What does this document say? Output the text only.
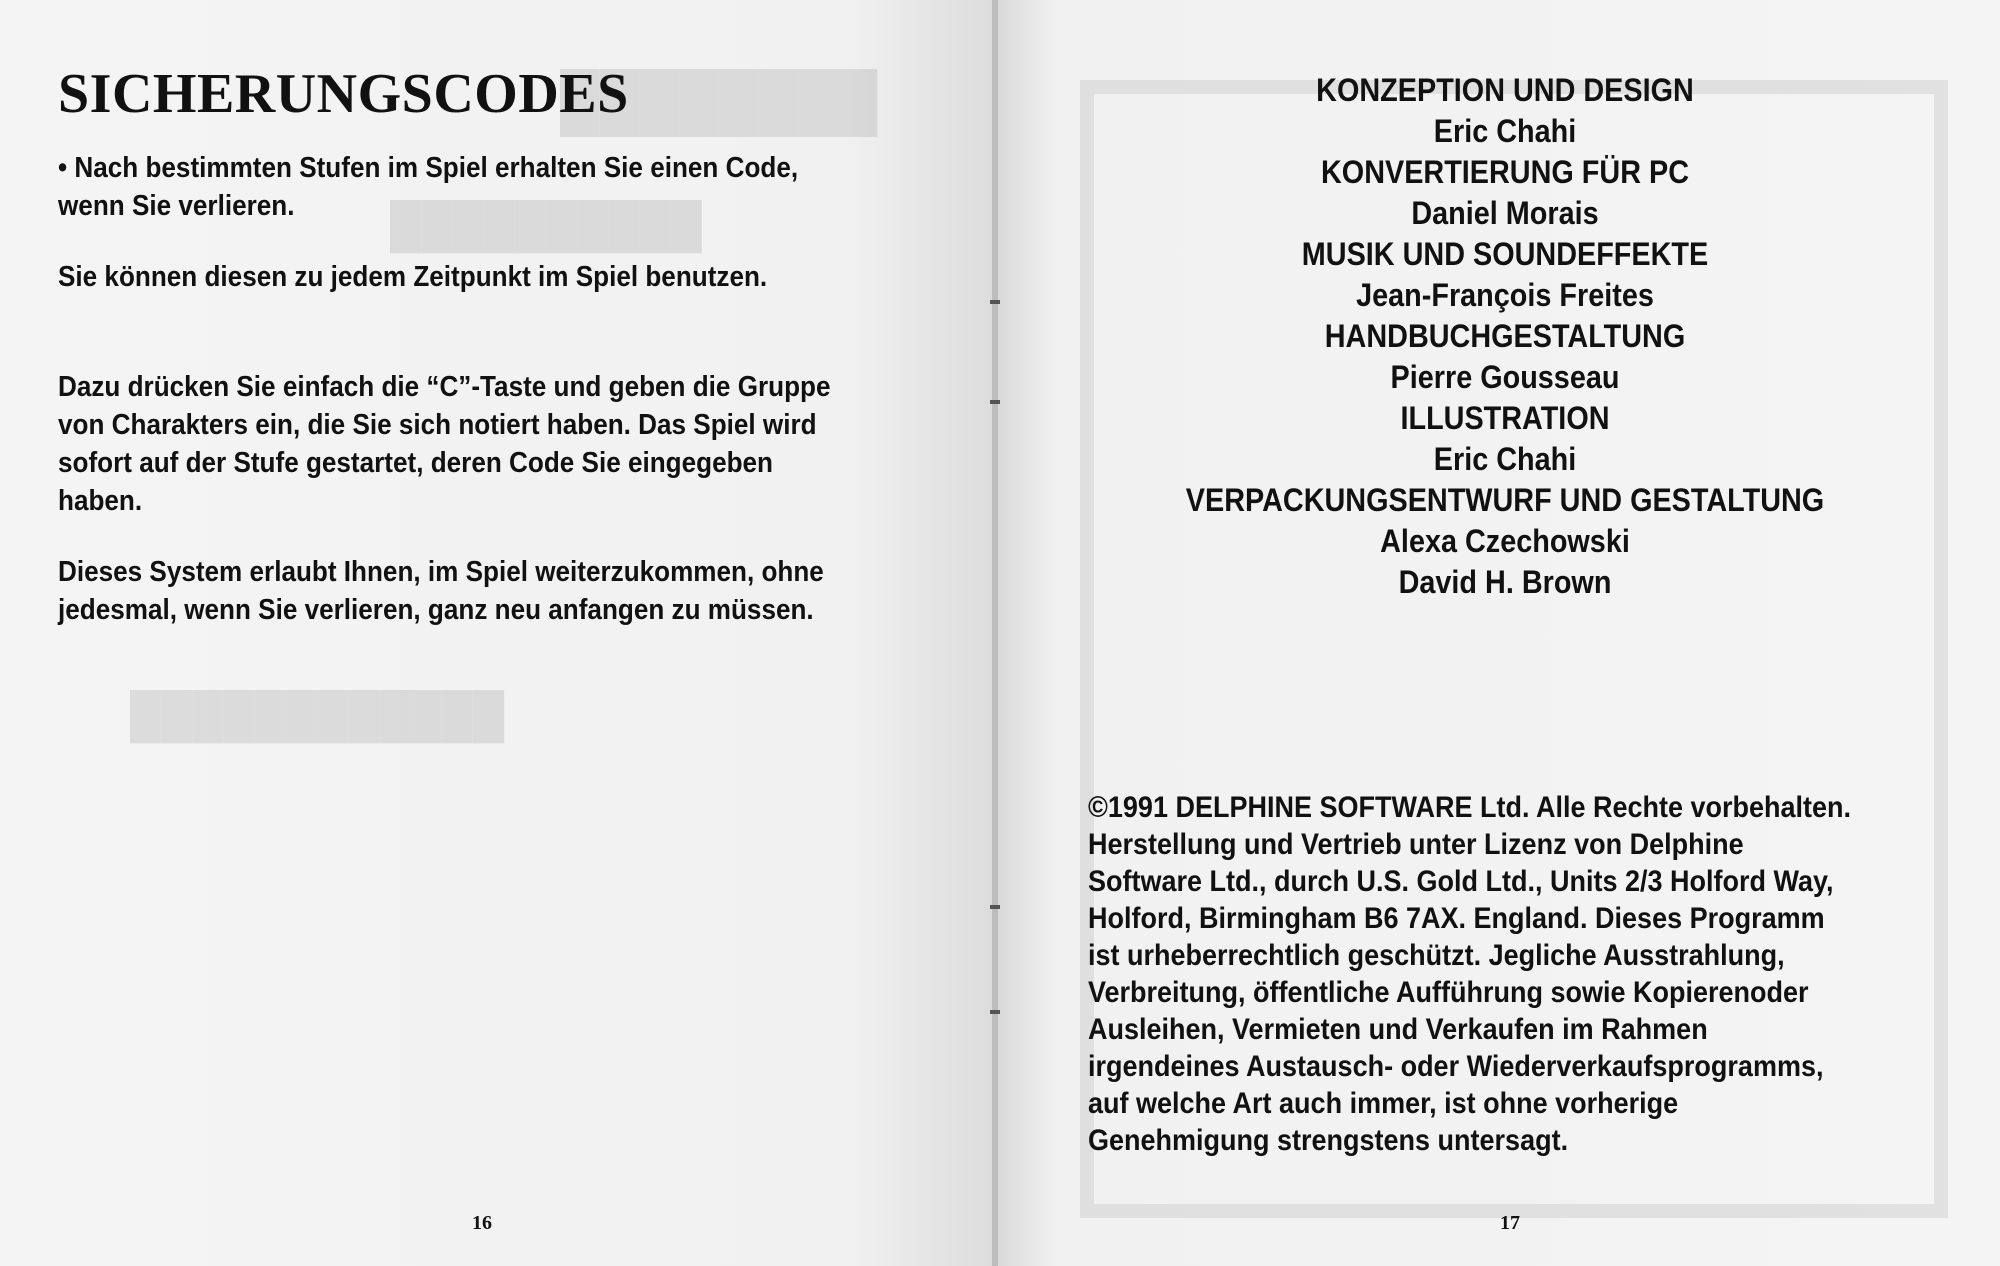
████████
██████████
████████████
SICHERUNGSCODES

• Nach bestimmten Stufen im Spiel erhalten Sie einen Code, wenn Sie verlieren.

Sie können diesen zu jedem Zeitpunkt im Spiel benutzen.

Dazu drücken Sie einfach die “C”-Taste und geben die Gruppe von Charakters ein, die Sie sich notiert haben. Das Spiel wird sofort auf der Stufe gestartet, deren Code Sie eingegeben haben.

Dieses System erlaubt Ihnen, im Spiel weiterzukommen, ohne jedesmal, wenn Sie verlieren, ganz neu anfangen zu müssen.

16
KONZEPTION UND DESIGN
Eric Chahi
KONVERTIERUNG FÜR PC
Daniel Morais
MUSIK UND SOUNDEFFEKTE
Jean-François Freites
HANDBUCHGESTALTUNG
Pierre Gousseau
ILLUSTRATION
Eric Chahi
VERPACKUNGSENTWURF UND GESTALTUNG
Alexa Czechowski
David H. Brown

©1991 DELPHINE SOFTWARE Ltd. Alle Rechte vorbehalten. Herstellung und Vertrieb unter Lizenz von Delphine Software Ltd., durch U.S. Gold Ltd., Units 2/3 Holford Way, Holford, Birmingham B6 7AX. England. Dieses Programm ist urheberrechtlich geschützt. Jegliche Ausstrahlung, Verbreitung, öffentliche Aufführung sowie Kopierenoder Ausleihen, Vermieten und Verkaufen im Rahmen irgendeines Austausch- oder Wiederverkaufsprogramms, auf welche Art auch immer, ist ohne vorherige Genehmigung strengstens untersagt.

17
